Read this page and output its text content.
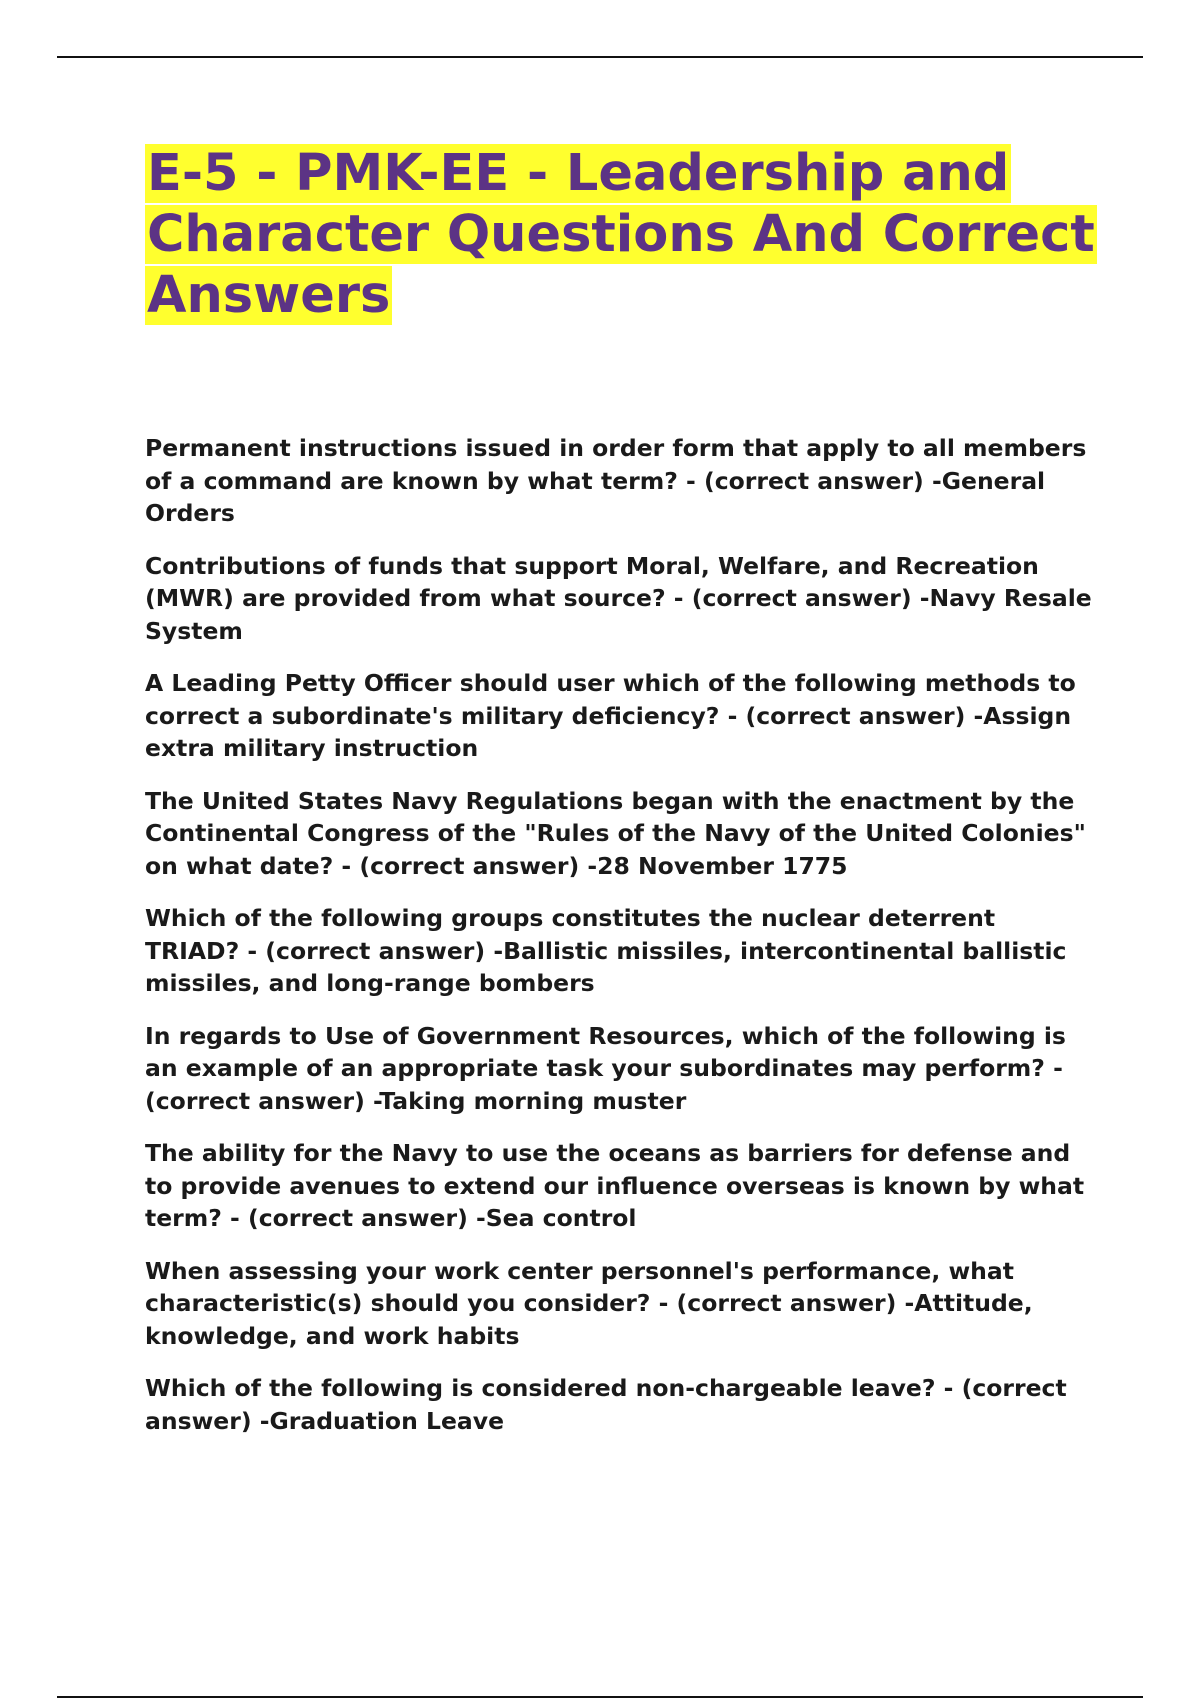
E-5 - PMK-EE - Leadership and Character Questions And Correct Answers
Permanent instructions issued in order form that apply to all members of a command are known by what term? - (correct answer) -General Orders
Contributions of funds that support Moral, Welfare, and Recreation (MWR) are provided from what source? - (correct answer) -Navy Resale System
A Leading Petty Officer should user which of the following methods to correct a subordinate's military deficiency? - (correct answer) -Assign extra military instruction
The United States Navy Regulations began with the enactment by the Continental Congress of the "Rules of the Navy of the United Colonies" on what date? - (correct answer) -28 November 1775
Which of the following groups constitutes the nuclear deterrent TRIAD? - (correct answer) -Ballistic missiles, intercontinental ballistic missiles, and long-range bombers
In regards to Use of Government Resources, which of the following is an example of an appropriate task your subordinates may perform? - (correct answer) -Taking morning muster
The ability for the Navy to use the oceans as barriers for defense and to provide avenues to extend our influence overseas is known by what term? - (correct answer) -Sea control
When assessing your work center personnel's performance, what characteristic(s) should you consider? - (correct answer) -Attitude, knowledge, and work habits
Which of the following is considered non-chargeable leave? - (correct answer) -Graduation Leave
